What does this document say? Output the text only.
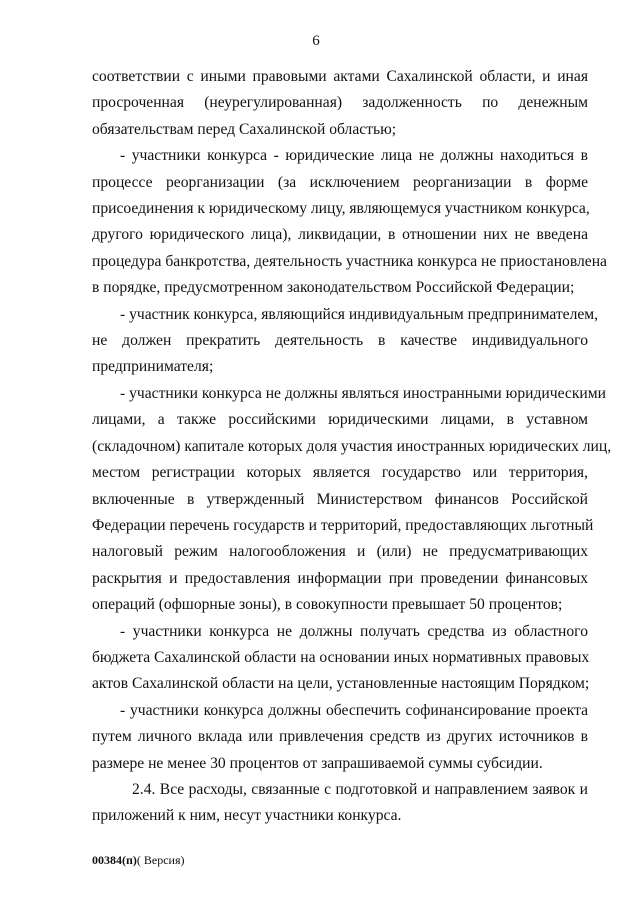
6
соответствии с иными правовыми актами Сахалинской области, и иная
просроченная (неурегулированная) задолженность по денежным
обязательствам перед Сахалинской областью;
- участники конкурса - юридические лица не должны находиться в
процессе реорганизации (за исключением реорганизации в форме
присоединения к юридическому лицу, являющемуся участником конкурса,
другого юридического лица), ликвидации, в отношении них не введена
процедура банкротства, деятельность участника конкурса не приостановлена
в порядке, предусмотренном законодательством Российской Федерации;
- участник конкурса, являющийся индивидуальным предпринимателем,
не должен прекратить деятельность в качестве индивидуального
предпринимателя;
- участники конкурса не должны являться иностранными юридическими
лицами, а также российскими юридическими лицами, в уставном
(складочном) капитале которых доля участия иностранных юридических лиц,
местом регистрации которых является государство или территория,
включенные в утвержденный Министерством финансов Российской
Федерации перечень государств и территорий, предоставляющих льготный
налоговый режим налогообложения и (или) не предусматривающих
раскрытия и предоставления информации при проведении финансовых
операций (офшорные зоны), в совокупности превышает 50 процентов;
- участники конкурса не должны получать средства из областного
бюджета Сахалинской области на основании иных нормативных правовых
актов Сахалинской области на цели, установленные настоящим Порядком;
- участники конкурса должны обеспечить софинансирование проекта
путем личного вклада или привлечения средств из других источников в
размере не менее 30 процентов от запрашиваемой суммы субсидии.
2.4. Все расходы, связанные с подготовкой и направлением заявок и
приложений к ним, несут участники конкурса.
00384(п)( Версия)
